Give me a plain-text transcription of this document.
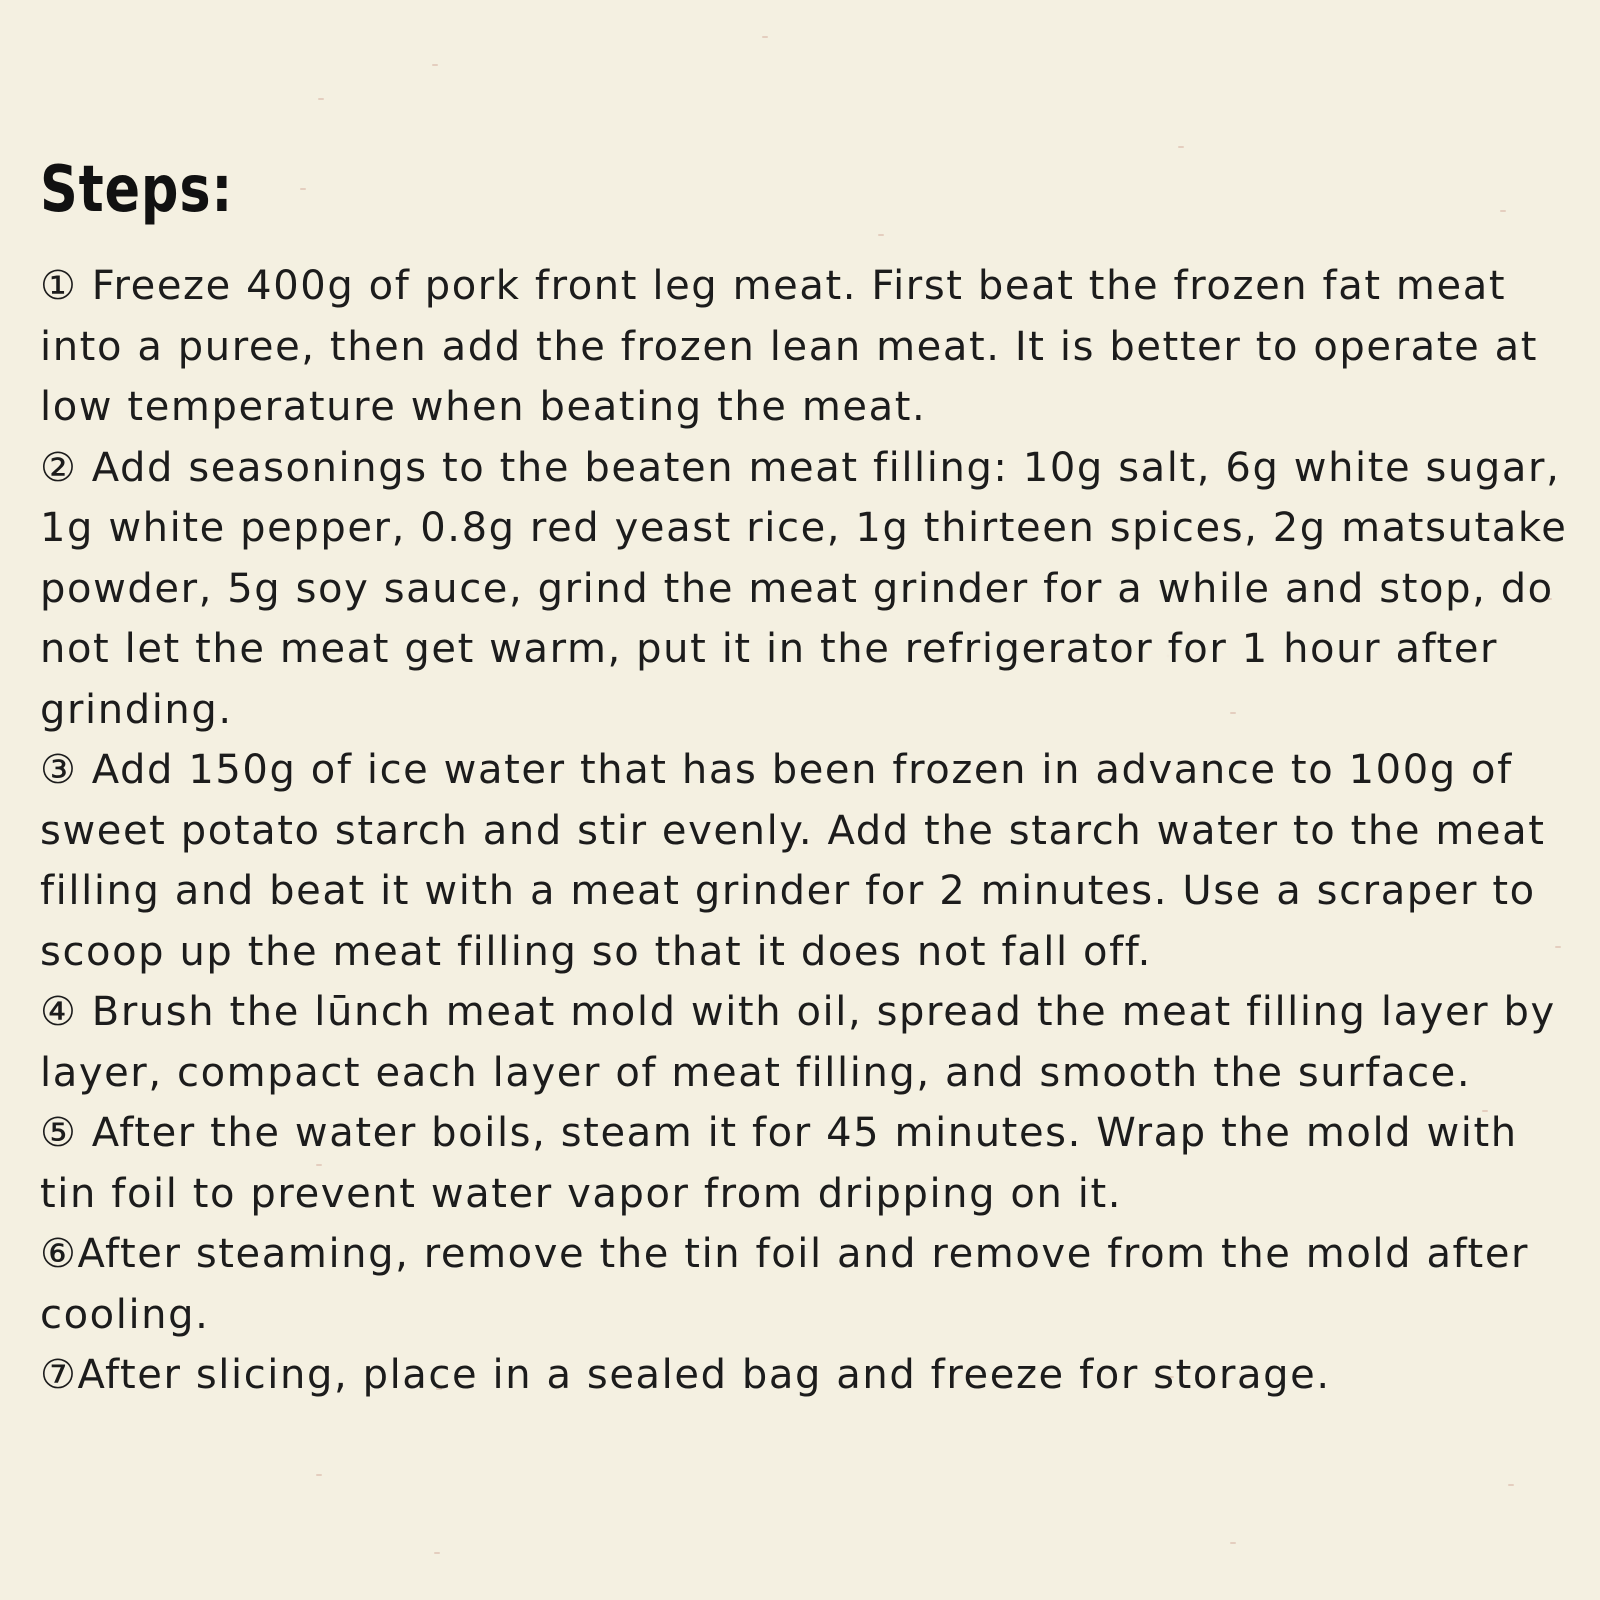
Steps:
① Freeze 400g of pork front leg meat. First beat the frozen fat meat into a puree, then add the frozen lean meat. It is better to operate at low temperature when beating the meat.
② Add seasonings to the beaten meat filling: 10g salt, 6g white sugar, 1g white pepper, 0.8g red yeast rice, 1g thirteen spices, 2g matsutake powder, 5g soy sauce, grind the meat grinder for a while and stop, do not let the meat get warm, put it in the refrigerator for 1 hour after grinding.
③ Add 150g of ice water that has been frozen in advance to 100g of sweet potato starch and stir evenly. Add the starch water to the meat filling and beat it with a meat grinder for 2 minutes. Use a scraper to scoop up the meat filling so that it does not fall off.
④ Brush the lūnch meat mold with oil, spread the meat filling layer by layer, compact each layer of meat filling, and smooth the surface.
⑤ After the water boils, steam it for 45 minutes. Wrap the mold with tin foil to prevent water vapor from dripping on it.
⑥After steaming, remove the tin foil and remove from the mold after cooling.
⑦After slicing, place in a sealed bag and freeze for storage.
